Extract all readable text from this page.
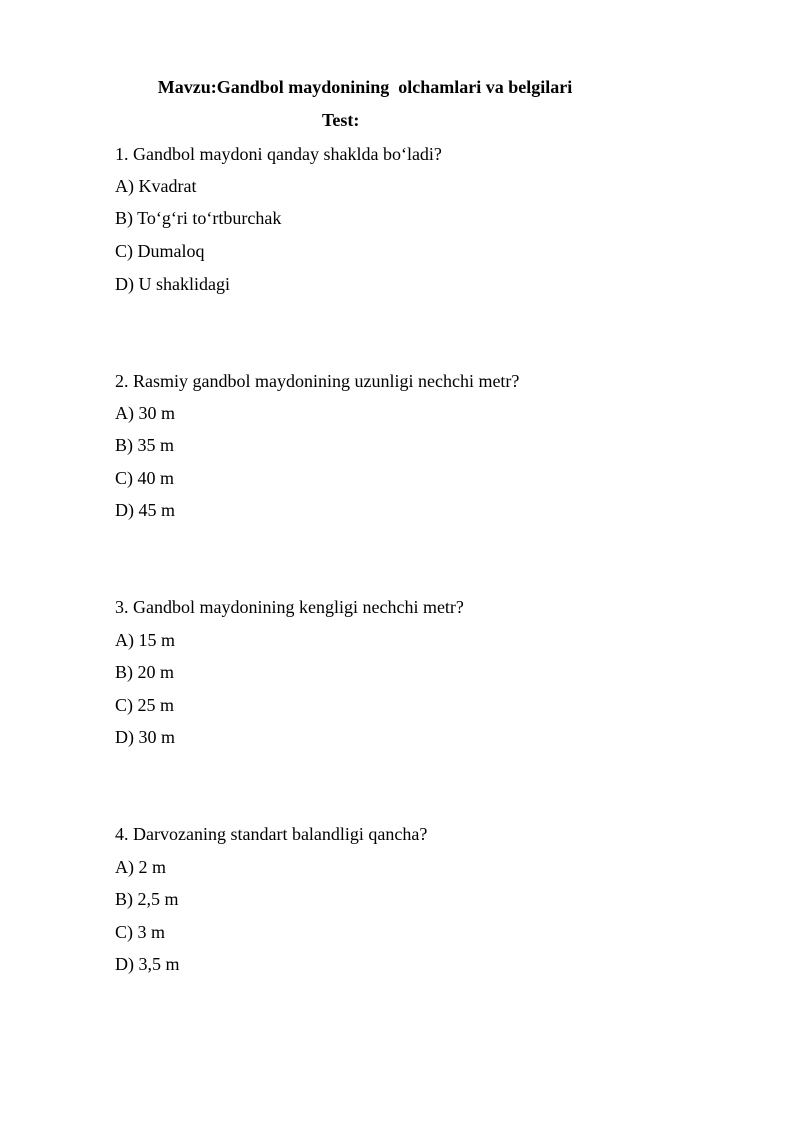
Mavzu:Gandbol maydonining  olchamlari va belgilari
Test:
1. Gandbol maydoni qanday shaklda bo‘ladi?
A) Kvadrat
B) To‘g‘ri to‘rtburchak
C) Dumaloq
D) U shaklidagi
2. Rasmiy gandbol maydonining uzunligi nechchi metr?
A) 30 m
B) 35 m
C) 40 m
D) 45 m
3. Gandbol maydonining kengligi nechchi metr?
A) 15 m
B) 20 m
C) 25 m
D) 30 m
4. Darvozaning standart balandligi qancha?
A) 2 m
B) 2,5 m
C) 3 m
D) 3,5 m
